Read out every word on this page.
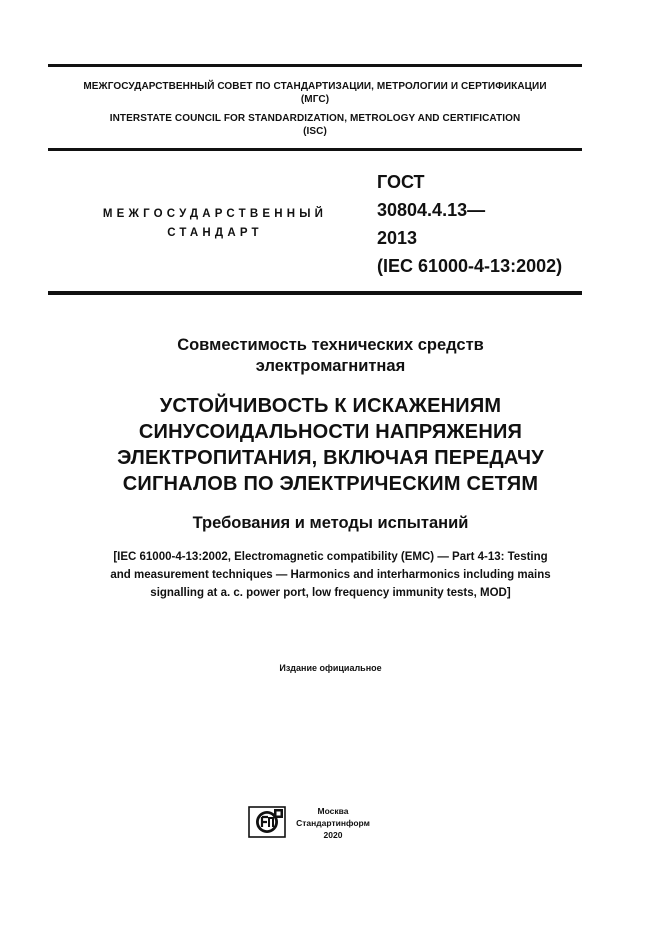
МЕЖГОСУДАРСТВЕННЫЙ СОВЕТ ПО СТАНДАРТИЗАЦИИ, МЕТРОЛОГИИ И СЕРТИФИКАЦИИ
(МГС)
INTERSTATE COUNCIL FOR STANDARDIZATION, METROLOGY AND CERTIFICATION
(ISC)
МЕЖГОСУДАРСТВЕННЫЙ
СТАНДАРТ
ГОСТ
30804.4.13—
2013
(IEC 61000-4-13:2002)
Совместимость технических средств
электромагнитная
УСТОЙЧИВОСТЬ К ИСКАЖЕНИЯМ
СИНУСОИДАЛЬНОСТИ НАПРЯЖЕНИЯ
ЭЛЕКТРОПИТАНИЯ, ВКЛЮЧАЯ ПЕРЕДАЧУ
СИГНАЛОВ ПО ЭЛЕКТРИЧЕСКИМ СЕТЯМ
Требования и методы испытаний
[IEC 61000-4-13:2002, Electromagnetic compatibility (EMC) — Part 4-13: Testing
and measurement techniques — Harmonics and interharmonics including mains
signalling at a. c. power port, low frequency immunity tests, MOD]
Издание официальное
Москва
Стандартинформ
2020
